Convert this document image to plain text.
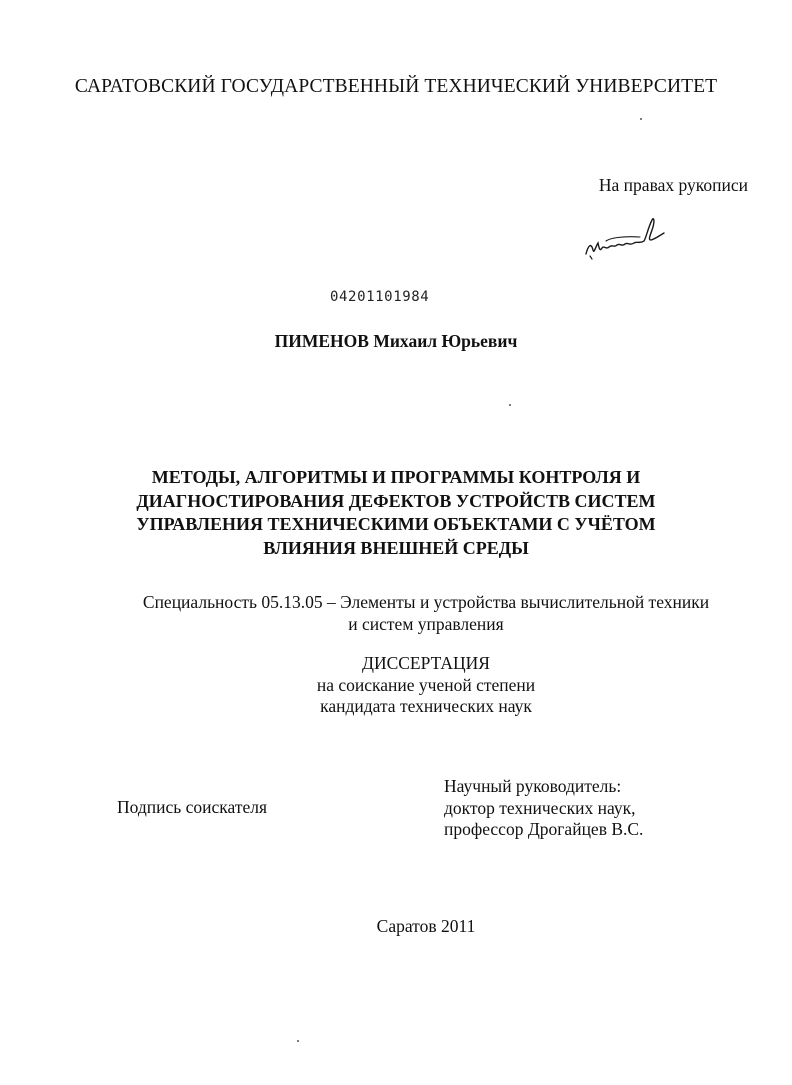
САРАТОВСКИЙ ГОСУДАРСТВЕННЫЙ ТЕХНИЧЕСКИЙ УНИВЕРСИТЕТ
На правах рукописи
04201101984
ПИМЕНОВ Михаил Юрьевич
МЕТОДЫ, АЛГОРИТМЫ И ПРОГРАММЫ КОНТРОЛЯ И
ДИАГНОСТИРОВАНИЯ ДЕФЕКТОВ УСТРОЙСТВ СИСТЕМ
УПРАВЛЕНИЯ ТЕХНИЧЕСКИМИ ОБЪЕКТАМИ С УЧЁТОМ
ВЛИЯНИЯ ВНЕШНЕЙ СРЕДЫ
Специальность 05.13.05 – Элементы и устройства вычислительной техники
и систем управления
ДИССЕРТАЦИЯ
на соискание ученой степени
кандидата технических наук
Подпись соискателя
Научный руководитель:
доктор технических наук,
профессор Дрогайцев В.С.
Саратов 2011
